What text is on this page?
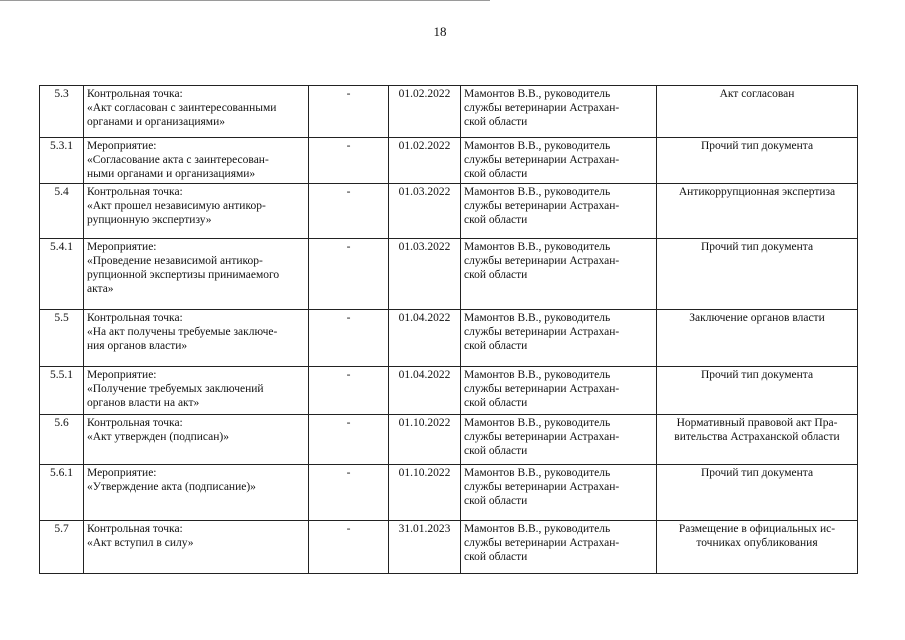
18
5.3	Контрольная точка:
«Акт согласован с заинтересованными
органами и организациями»	-	01.02.2022	Мамонтов В.В., руководитель
службы ветеринарии Астрахан-
ской области	Акт согласован

5.3.1	Мероприятие:
«Согласование акта с заинтересован-
ными органами и организациями»	-	01.02.2022	Мамонтов В.В., руководитель
службы ветеринарии Астрахан-
ской области	Прочий тип документа

5.4	Контрольная точка:
«Акт прошел независимую антикор-
рупционную экспертизу»	-	01.03.2022	Мамонтов В.В., руководитель
службы ветеринарии Астрахан-
ской области	Антикоррупционная экспертиза

5.4.1	Мероприятие:
«Проведение независимой антикор-
рупционной экспертизы принимаемого
акта»	-	01.03.2022	Мамонтов В.В., руководитель
службы ветеринарии Астрахан-
ской области	Прочий тип документа

5.5	Контрольная точка:
«На акт получены требуемые заключе-
ния органов власти»	-	01.04.2022	Мамонтов В.В., руководитель
службы ветеринарии Астрахан-
ской области	Заключение органов власти

5.5.1	Мероприятие:
«Получение требуемых заключений
органов власти на акт»	-	01.04.2022	Мамонтов В.В., руководитель
службы ветеринарии Астрахан-
ской области	Прочий тип документа

5.6	Контрольная точка:
«Акт утвержден (подписан)»	-	01.10.2022	Мамонтов В.В., руководитель
службы ветеринарии Астрахан-
ской области	Нормативный правовой акт Пра-
вительства Астраханской области

5.6.1	Мероприятие:
«Утверждение акта (подписание)»	-	01.10.2022	Мамонтов В.В., руководитель
службы ветеринарии Астрахан-
ской области	Прочий тип документа

5.7	Контрольная точка:
«Акт вступил в силу»	-	31.01.2023	Мамонтов В.В., руководитель
службы ветеринарии Астрахан-
ской области	Размещение в официальных ис-
точниках опубликования
